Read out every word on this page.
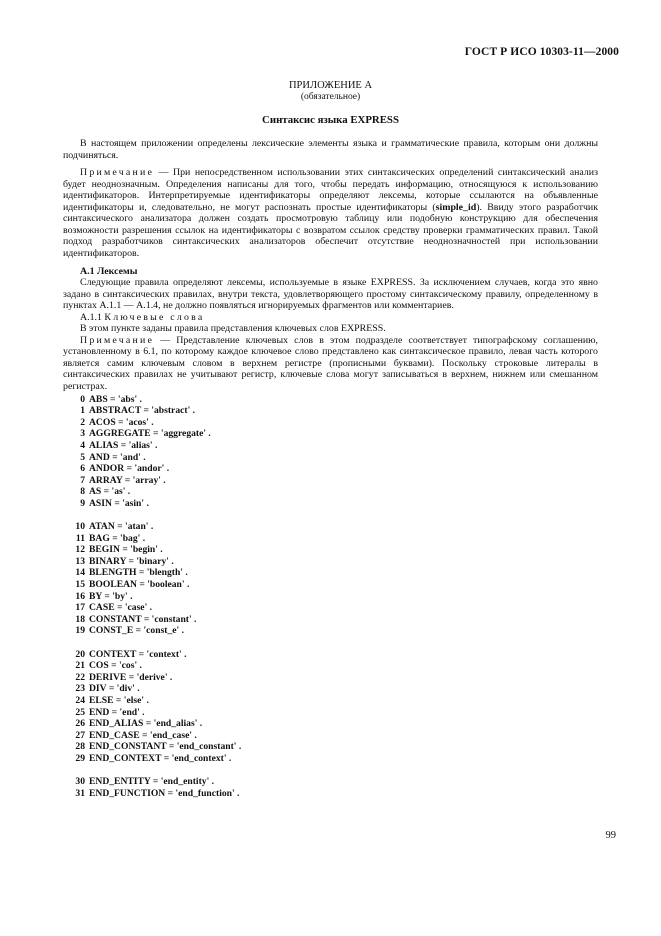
ГОСТ Р ИСО 10303-11—2000

ПРИЛОЖЕНИЕ А

(обязательное)

Синтаксис языка EXPRESS

В настоящем приложении определены лексические элементы языка и грамматические правила, которым они должны подчиняться.

Примечание — При непосредственном использовании этих синтаксических определений синтаксический анализ будет неоднозначным. Определения написаны для того, чтобы передать информацию, относящуюся к использованию идентификаторов. Интерпретируемые идентификаторы определяют лексемы, которые ссылаются на объявленные идентификаторы и, следовательно, не могут распознать простые идентификаторы (simple_id). Ввиду этого разработчик синтаксического анализатора должен создать просмотровую таблицу или подобную конструкцию для обеспечения возможности разрешения ссылок на идентификаторы с возвратом ссылок средству проверки грамматических правил. Такой подход разработчиков синтаксических анализаторов обеспечит отсутствие неоднозначностей при использовании идентификаторов.

А.1 Лексемы

Следующие правила определяют лексемы, используемые в языке EXPRESS. За исключением случаев, когда это явно задано в синтаксических правилах, внутри текста, удовлетворяющего простому синтаксическому правилу, определенному в пунктах А.1.1 — А.1.4, не должно появляться игнорируемых фрагментов или комментариев.

А.1.1 Ключевые слова

В этом пункте заданы правила представления ключевых слов EXPRESS.

Примечание — Представление ключевых слов в этом подразделе соответствует типографскому соглашению, установленному в 6.1, по которому каждое ключевое слово представлено как синтаксическое правило, левая часть которого является самим ключевым словом в верхнем регистре (прописными буквами). Поскольку строковые литералы в синтаксических правилах не учитывают регистр, ключевые слова могут записываться в верхнем, нижнем или смешанном регистрах.

0 ABS = 'abs' .
1 ABSTRACT = 'abstract' .
2 ACOS = 'acos' .
3 AGGREGATE = 'aggregate' .
4 ALIAS = 'alias' .
5 AND = 'and' .
6 ANDOR = 'andor' .
7 ARRAY = 'array' .
8 AS = 'as' .
9 ASIN = 'asin' .
10 ATAN = 'atan' .
11 BAG = 'bag' .
12 BEGIN = 'begin' .
13 BINARY = 'binary' .
14 BLENGTH = 'blength' .
15 BOOLEAN = 'boolean' .
16 BY = 'by' .
17 CASE = 'case' .
18 CONSTANT = 'constant' .
19 CONST_E = 'const_e' .
20 CONTEXT = 'context' .
21 COS = 'cos' .
22 DERIVE = 'derive' .
23 DIV = 'div' .
24 ELSE = 'else' .
25 END = 'end' .
26 END_ALIAS = 'end_alias' .
27 END_CASE = 'end_case' .
28 END_CONSTANT = 'end_constant' .
29 END_CONTEXT = 'end_context' .
30 END_ENTITY = 'end_entity' .
31 END_FUNCTION = 'end_function' .
99
